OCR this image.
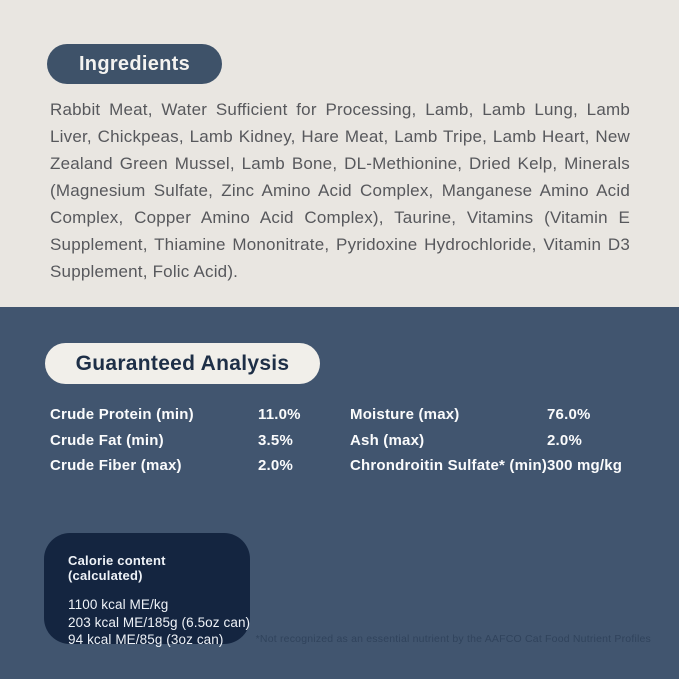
Ingredients

Rabbit Meat, Water Sufficient for Processing, Lamb, Lamb Lung, Lamb Liver, Chickpeas, Lamb Kidney, Hare Meat, Lamb Tripe, Lamb Heart, New Zealand Green Mussel, Lamb Bone, DL-Methionine, Dried Kelp, Minerals (Magnesium Sulfate, Zinc Amino Acid Complex, Manganese Amino Acid Complex, Copper Amino Acid Complex), Taurine, Vitamins (Vitamin E Supplement, Thiamine Mononitrate, Pyridoxine Hydrochloride, Vitamin D3 Supplement, Folic Acid).

Guaranteed Analysis
Crude Protein (min)	11.0%	Moisture (max)	76.0%
Crude Fat (min)	3.5%	Ash (max)	2.0%
Crude Fiber (max)	2.0%	Chrondroitin Sulfate* (min) 300 mg/kg
Calorie content (calculated)
1100 kcal ME/kg
203 kcal ME/185g (6.5oz can)
94 kcal ME/85g (3oz can)	*Not recognized as an essential nutrient by the AAFCO Cat Food Nutrient Profiles
